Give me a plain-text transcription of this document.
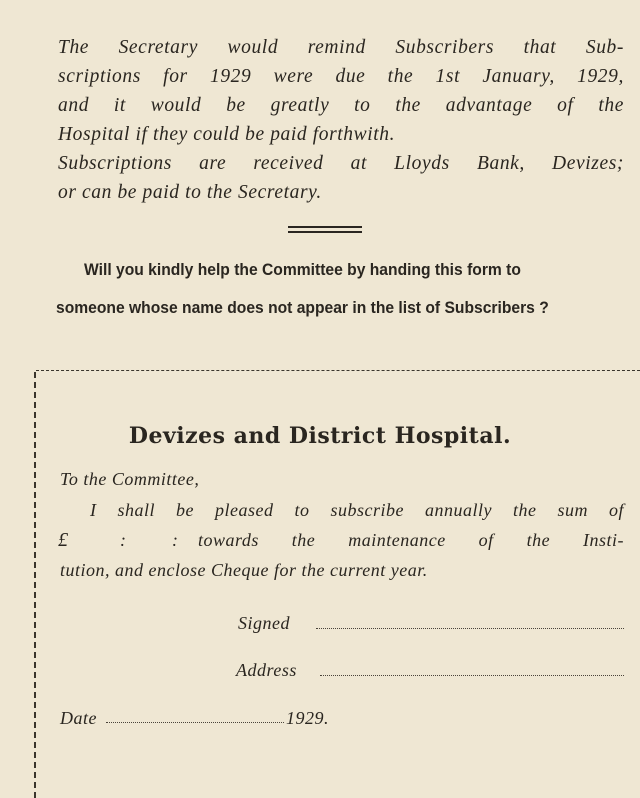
The Secretary would remind Subscribers that Sub-
scriptions for 1929 were due the 1st January, 1929,
and it would be greatly to the advantage of the
Hospital if they could be paid forthwith.
Subscriptions are received at Lloyds Bank, Devizes;
or can be paid to the Secretary.
Will you kindly help the Committee by handing this form to
someone whose name does not appear in the list of Subscribers ?
Devizes and District Hospital.
To the Committee,
I shall be pleased to subscribe annually the sum of
£	:	: towards the maintenance of the Insti-
tution, and enclose Cheque for the current year.
Signed
Address
Date	1929.
